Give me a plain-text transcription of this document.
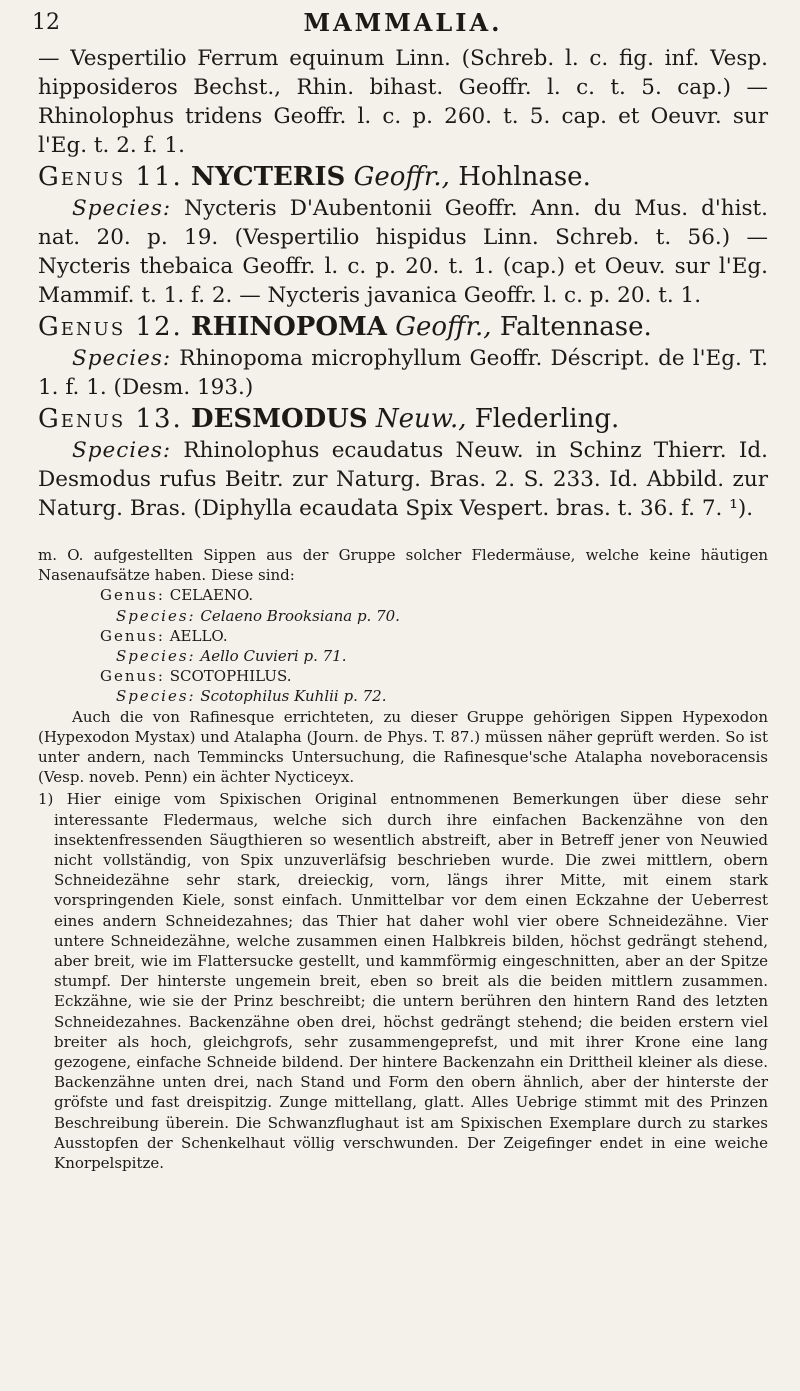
12	MAMMALIA.

— Vespertilio Ferrum equinum Linn. (Schreb. l. c. fig. inf. Vesp. hipposideros Bechst., Rhin. bihast. Geoffr. l. c. t. 5. cap.) — Rhinolophus tridens Geoffr. l. c. p. 260. t. 5. cap. et Oeuvr. sur l'Eg. t. 2. f. 1.

Genus 11. NYCTERIS Geoffr., Hohlnase.

Species: Nycteris D'Aubentonii Geoffr. Ann. du Mus. d'hist. nat. 20. p. 19. (Vespertilio hispidus Linn. Schreb. t. 56.) — Nycteris thebaica Geoffr. l. c. p. 20. t. 1. (cap.) et Oeuv. sur l'Eg. Mammif. t. 1. f. 2. — Nycteris javanica Geoffr. l. c. p. 20. t. 1.

Genus 12. RHINOPOMA Geoffr., Faltennase.

Species: Rhinopoma microphyllum Geoffr. Déscript. de l'Eg. T. 1. f. 1. (Desm. 193.)

Genus 13. DESMODUS Neuw., Flederling.

Species: Rhinolophus ecaudatus Neuw. in Schinz Thierr. Id. Desmodus rufus Beitr. zur Naturg. Bras. 2. S. 233. Id. Abbild. zur Naturg. Bras. (Diphylla ecaudata Spix Vespert. bras. t. 36. f. 7. ¹).

m. O. aufgestellten Sippen aus der Gruppe solcher Fledermäuse, welche keine häutigen Nasenaufsätze haben. Diese sind:

Genus: CELAENO.

Species: Celaeno Brooksiana p. 70.

Genus: AELLO.

Species: Aello Cuvieri p. 71.

Genus: SCOTOPHILUS.

Species: Scotophilus Kuhlii p. 72.

Auch die von Rafinesque errichteten, zu dieser Gruppe gehörigen Sippen Hypexodon (Hypexodon Mystax) und Atalapha (Journ. de Phys. T. 87.) müssen näher geprüft werden. So ist unter andern, nach Temmincks Untersuchung, die Rafinesque'sche Atalapha noveboracensis (Vesp. noveb. Penn) ein ächter Nycticeyx.

1) Hier einige vom Spixischen Original entnommenen Bemerkungen über diese sehr interessante Fledermaus, welche sich durch ihre einfachen Backenzähne von den insektenfressenden Säugthieren so wesentlich abstreift, aber in Betreff jener von Neuwied nicht vollständig, von Spix unzuverläfsig beschrieben wurde. Die zwei mittlern, obern Schneidezähne sehr stark, dreieckig, vorn, längs ihrer Mitte, mit einem stark vorspringenden Kiele, sonst einfach. Unmittelbar vor dem einen Eckzahne der Ueberrest eines andern Schneidezahnes; das Thier hat daher wohl vier obere Schneidezähne. Vier untere Schneidezähne, welche zusammen einen Halbkreis bilden, höchst gedrängt stehend, aber breit, wie im Flattersucke gestellt, und kammförmig eingeschnitten, aber an der Spitze stumpf. Der hinterste ungemein breit, eben so breit als die beiden mittlern zusammen. Eckzähne, wie sie der Prinz beschreibt; die untern berühren den hintern Rand des letzten Schneidezahnes. Backenzähne oben drei, höchst gedrängt stehend; die beiden erstern viel breiter als hoch, gleichgrofs, sehr zusammengeprefst, und mit ihrer Krone eine lang gezogene, einfache Schneide bildend. Der hintere Backenzahn ein Drittheil kleiner als diese. Backenzähne unten drei, nach Stand und Form den obern ähnlich, aber der hinterste der gröfste und fast dreispitzig. Zunge mittellang, glatt. Alles Uebrige stimmt mit des Prinzen Beschreibung überein. Die Schwanzflughaut ist am Spixischen Exemplare durch zu starkes Ausstopfen der Schenkelhaut völlig verschwunden. Der Zeigefinger endet in eine weiche Knorpelspitze.
